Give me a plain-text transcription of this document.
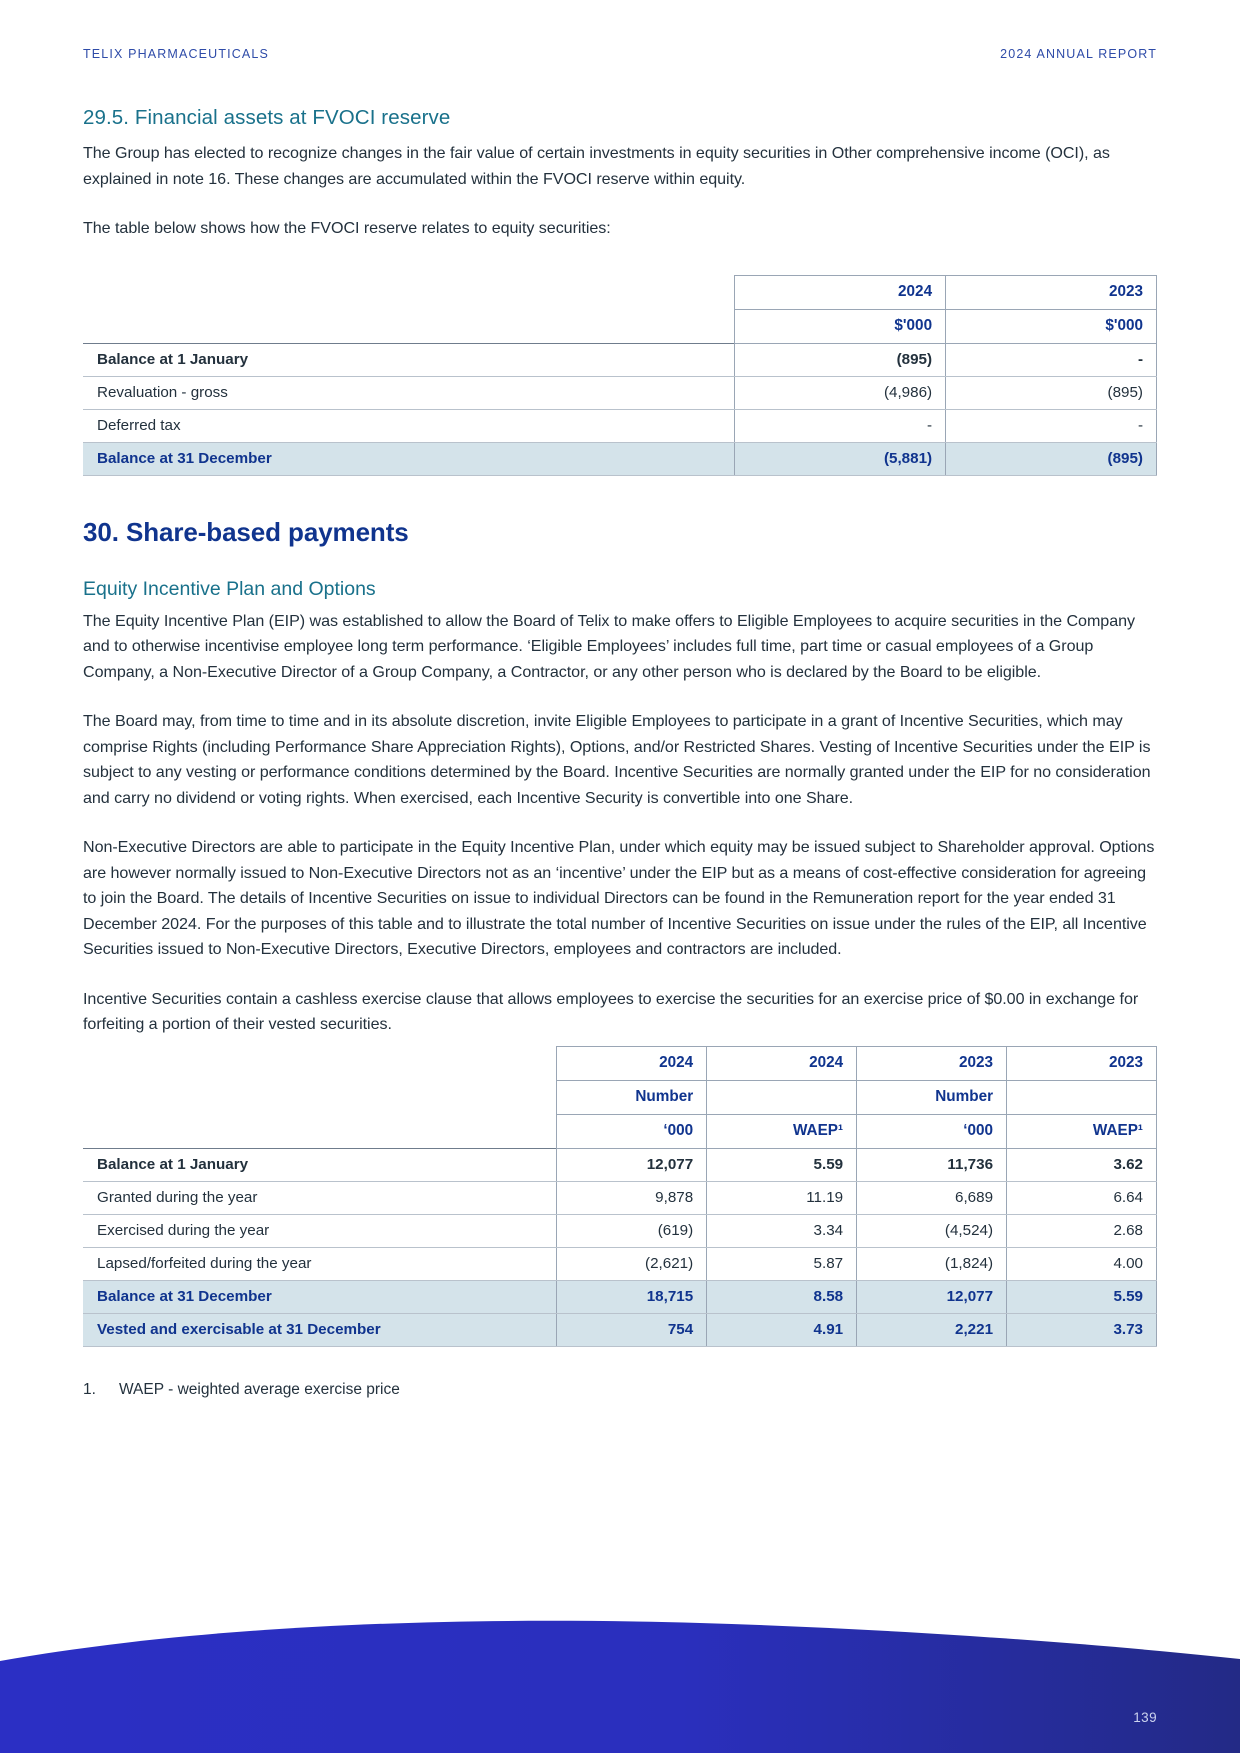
TELIX PHARMACEUTICALS	2024 ANNUAL REPORT
29.5. Financial assets at FVOCI reserve

The Group has elected to recognize changes in the fair value of certain investments in equity securities in Other comprehensive income (OCI), as explained in note 16. These changes are accumulated within the FVOCI reserve within equity.

The table below shows how the FVOCI reserve relates to equity securities:

	2024	2023
	$'000	$'000
Balance at 1 January	(895)	-
Revaluation - gross	(4,986)	(895)
Deferred tax	-	-
Balance at 31 December	(5,881)	(895)
30. Share-based payments
Equity Incentive Plan and Options

The Equity Incentive Plan (EIP) was established to allow the Board of Telix to make offers to Eligible Employees to acquire securities in the Company and to otherwise incentivise employee long term performance. ‘Eligible Employees’ includes full time, part time or casual employees of a Group Company, a Non-Executive Director of a Group Company, a Contractor, or any other person who is declared by the Board to be eligible.

The Board may, from time to time and in its absolute discretion, invite Eligible Employees to participate in a grant of Incentive Securities, which may comprise Rights (including Performance Share Appreciation Rights), Options, and/or Restricted Shares. Vesting of Incentive Securities under the EIP is subject to any vesting or performance conditions determined by the Board. Incentive Securities are normally granted under the EIP for no consideration and carry no dividend or voting rights. When exercised, each Incentive Security is convertible into one Share.

Non-Executive Directors are able to participate in the Equity Incentive Plan, under which equity may be issued subject to Shareholder approval. Options are however normally issued to Non-Executive Directors not as an ‘incentive’ under the EIP but as a means of cost-effective consideration for agreeing to join the Board. The details of Incentive Securities on issue to individual Directors can be found in the Remuneration report for the year ended 31 December 2024. For the purposes of this table and to illustrate the total number of Incentive Securities on issue under the rules of the EIP, all Incentive Securities issued to Non-Executive Directors, Executive Directors, employees and contractors are included.

Incentive Securities contain a cashless exercise clause that allows employees to exercise the securities for an exercise price of $0.00 in exchange for forfeiting a portion of their vested securities.

	2024	2024	2023	2023
	Number		Number	
	‘000	WAEP¹	‘000	WAEP¹
Balance at 1 January	12,077	5.59	11,736	3.62
Granted during the year	9,878	11.19	6,689	6.64
Exercised during the year	(619)	3.34	(4,524)	2.68
Lapsed/forfeited during the year	(2,621)	5.87	(1,824)	4.00
Balance at 31 December	18,715	8.58	12,077	5.59
Vested and exercisable at 31 December	754	4.91	2,221	3.73
1.	WAEP - weighted average exercise price
139
